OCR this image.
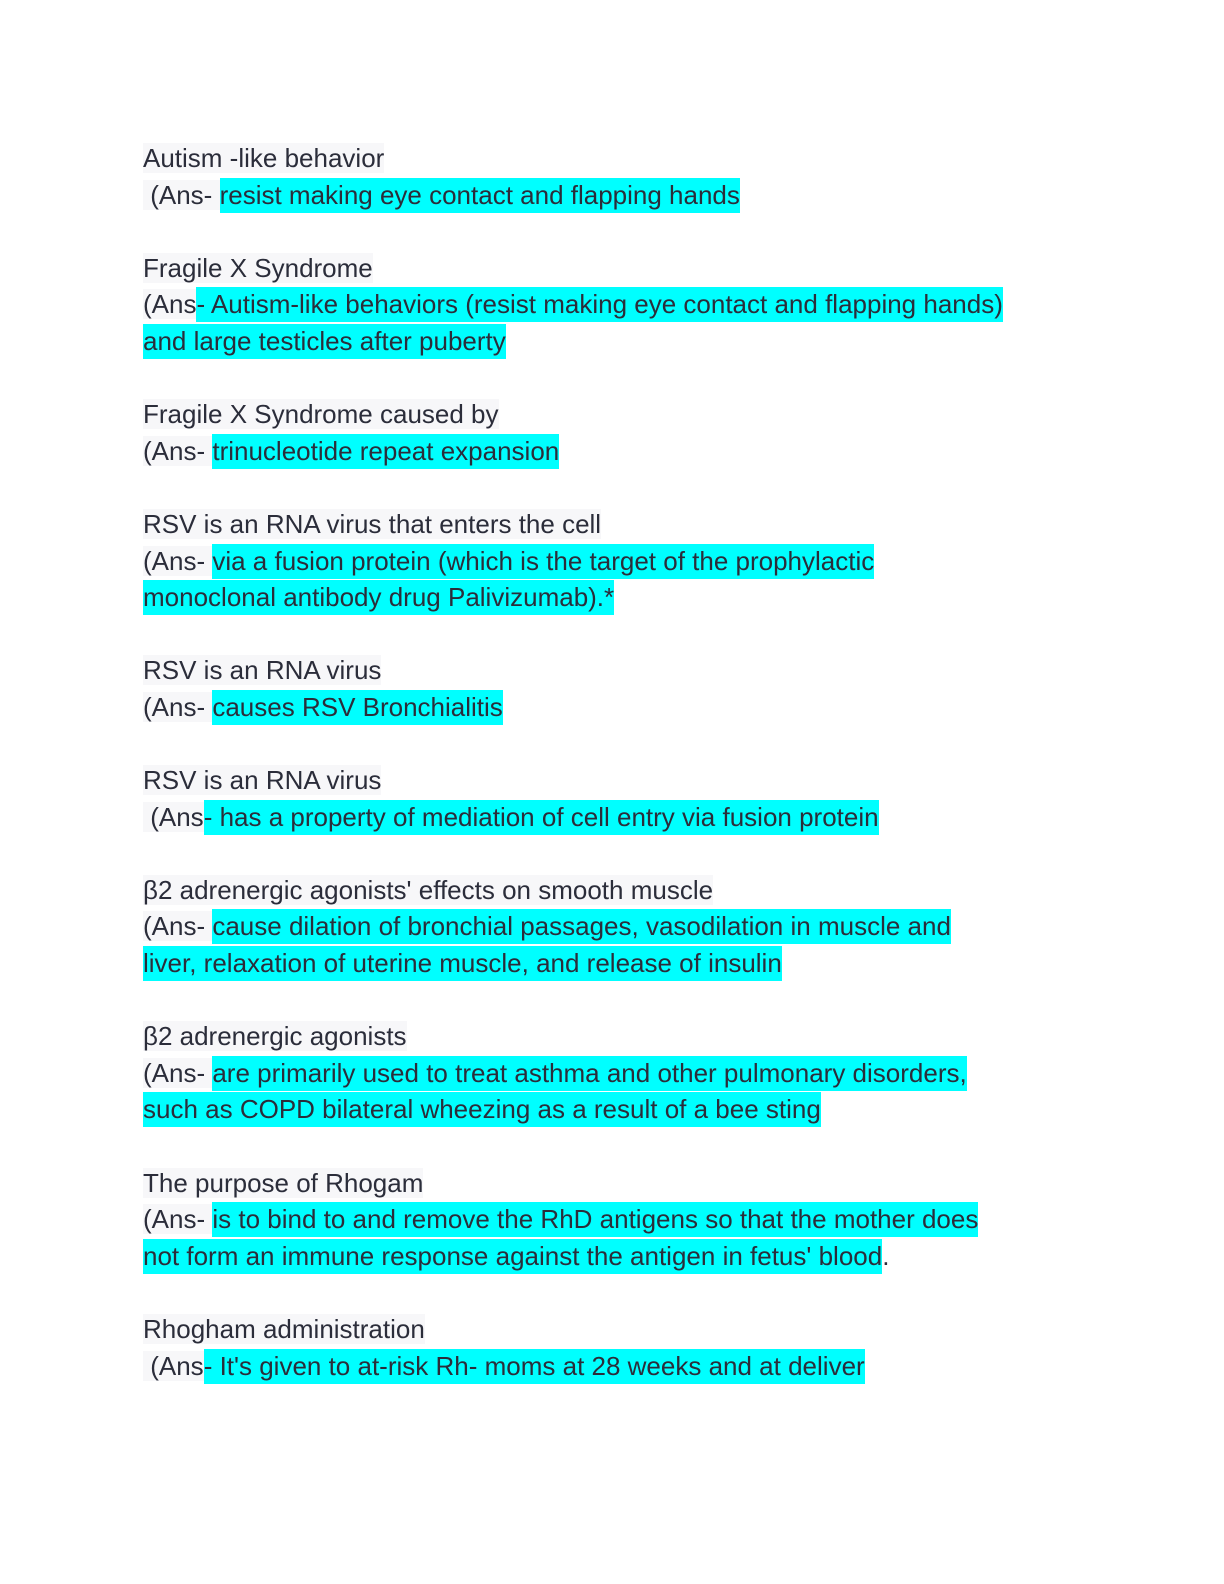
Autism -like behavior
(Ans- resist making eye contact and flapping hands
Fragile X Syndrome
(Ans- Autism-like behaviors (resist making eye contact and flapping hands)
and large testicles after puberty
Fragile X Syndrome caused by
(Ans- trinucleotide repeat expansion
RSV is an RNA virus that enters the cell
(Ans- via a fusion protein (which is the target of the prophylactic
monoclonal antibody drug Palivizumab).*
RSV is an RNA virus
(Ans- causes RSV Bronchialitis
RSV is an RNA virus
(Ans- has a property of mediation of cell entry via fusion protein
β2 adrenergic agonists' effects on smooth muscle
(Ans- cause dilation of bronchial passages, vasodilation in muscle and
liver, relaxation of uterine muscle, and release of insulin
β2 adrenergic agonists
(Ans- are primarily used to treat asthma and other pulmonary disorders,
such as COPD bilateral wheezing as a result of a bee sting
The purpose of Rhogam
(Ans- is to bind to and remove the RhD antigens so that the mother does
not form an immune response against the antigen in fetus' blood.
Rhogham administration
(Ans- It's given to at-risk Rh- moms at 28 weeks and at deliver
